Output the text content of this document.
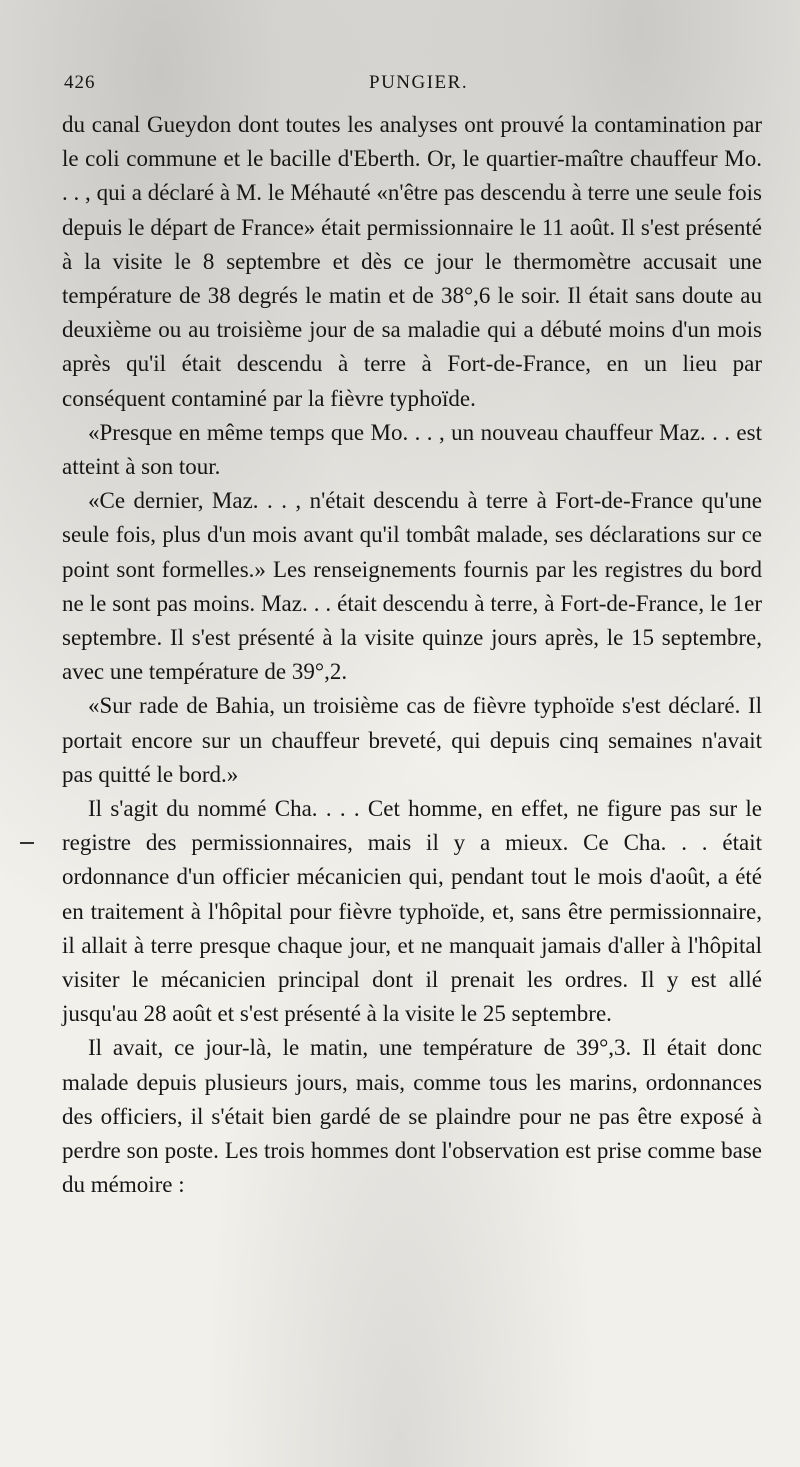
426	PUNGIER.

du canal Gueydon dont toutes les analyses ont prouvé la contamination par le coli commune et le bacille d'Eberth. Or, le quartier-maître chauffeur Mo. . . , qui a déclaré à M. le Méhauté «n'être pas descendu à terre une seule fois depuis le départ de France» était permissionnaire le 11 août. Il s'est présenté à la visite le 8 septembre et dès ce jour le thermomètre accusait une température de 38 degrés le matin et de 38°,6 le soir. Il était sans doute au deuxième ou au troisième jour de sa maladie qui a débuté moins d'un mois après qu'il était descendu à terre à Fort-de-France, en un lieu par conséquent contaminé par la fièvre typhoïde.

«Presque en même temps que Mo. . . , un nouveau chauffeur Maz. . . est atteint à son tour.

«Ce dernier, Maz. . . , n'était descendu à terre à Fort-de-France qu'une seule fois, plus d'un mois avant qu'il tombât malade, ses déclarations sur ce point sont formelles.» Les renseignements fournis par les registres du bord ne le sont pas moins. Maz. . . était descendu à terre, à Fort-de-France, le 1er septembre. Il s'est présenté à la visite quinze jours après, le 15 septembre, avec une température de 39°,2.

«Sur rade de Bahia, un troisième cas de fièvre typhoïde s'est déclaré. Il portait encore sur un chauffeur breveté, qui depuis cinq semaines n'avait pas quitté le bord.»

Il s'agit du nommé Cha. . . . Cet homme, en effet, ne figure pas sur le registre des permissionnaires, mais il y a mieux. Ce Cha. . . était ordonnance d'un officier mécanicien qui, pendant tout le mois d'août, a été en traitement à l'hôpital pour fièvre typhoïde, et, sans être permissionnaire, il allait à terre presque chaque jour, et ne manquait jamais d'aller à l'hôpital visiter le mécanicien principal dont il prenait les ordres. Il y est allé jusqu'au 28 août et s'est présenté à la visite le 25 septembre.

Il avait, ce jour-là, le matin, une température de 39°,3. Il était donc malade depuis plusieurs jours, mais, comme tous les marins, ordonnances des officiers, il s'était bien gardé de se plaindre pour ne pas être exposé à perdre son poste. Les trois hommes dont l'observation est prise comme base du mémoire :
